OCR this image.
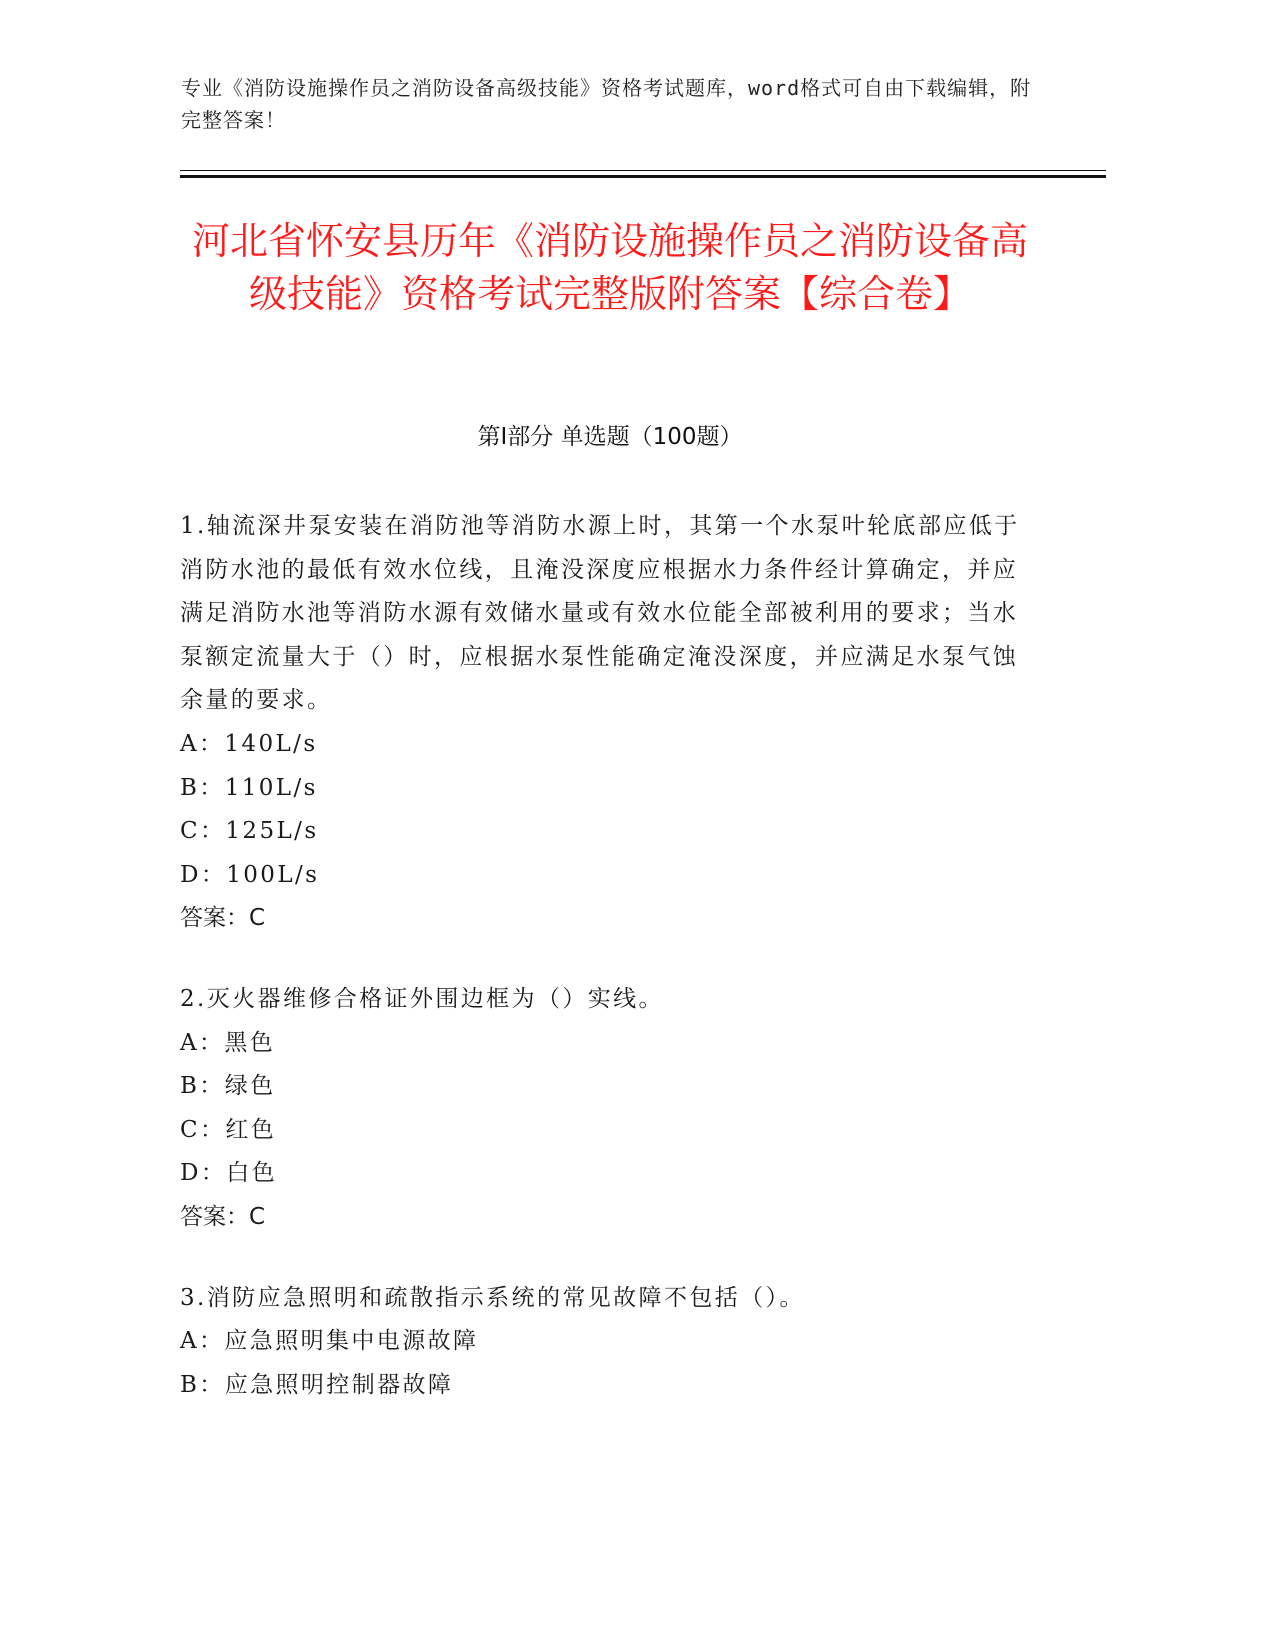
专业《消防设施操作员之消防设备高级技能》资格考试题库，word格式可自由下载编辑，附完整答案！
河北省怀安县历年《消防设施操作员之消防设备高级技能》资格考试完整版附答案【综合卷】
第Ⅰ部分 单选题（100题）

1.轴流深井泵安装在消防池等消防水源上时，其第一个水泵叶轮底部应低于消防水池的最低有效水位线，且淹没深度应根据水力条件经计算确定，并应满足消防水池等消防水源有效储水量或有效水位能全部被利用的要求；当水泵额定流量大于（）时，应根据水泵性能确定淹没深度，并应满足水泵气蚀余量的要求。

A：140L/s

B：110L/s

C：125L/s

D：100L/s

答案：C

2.灭火器维修合格证外围边框为（）实线。

A：黑色

B：绿色

C：红色

D：白色

答案：C

3.消防应急照明和疏散指示系统的常见故障不包括（）。

A：应急照明集中电源故障

B：应急照明控制器故障
